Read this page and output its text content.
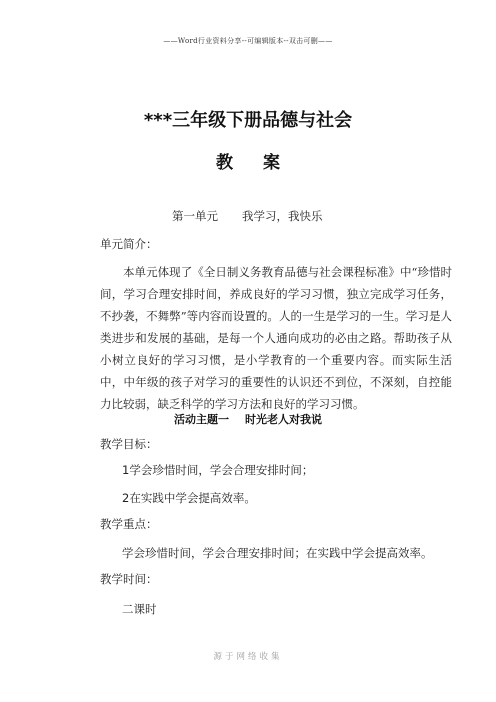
——Word行业资料分享--可编辑版本--双击可删——
***三年级下册品德与社会
教 案
第一单元 我学习，我快乐
单元简介：

本单元体现了《全日制义务教育品德与社会课程标准》中“珍惜时间，学习合理安排时间，养成良好的学习习惯，独立完成学习任务，不抄袭，不舞弊”等内容而设置的。人的一生是学习的一生。学习是人类进步和发展的基础，是每一个人通向成功的必由之路。帮助孩子从小树立良好的学习习惯，是小学教育的一个重要内容。而实际生活中，中年级的孩子对学习的重要性的认识还不到位，不深刻，自控能力比较弱，缺乏科学的学习方法和良好的学习习惯。

活动主题一 时光老人对我说
教学目标：
1学会珍惜时间，学会合理安排时间；
2在实践中学会提高效率。
教学重点：
学会珍惜时间，学会合理安排时间；在实践中学会提高效率。
教学时间：
二课时
源于网络收集
